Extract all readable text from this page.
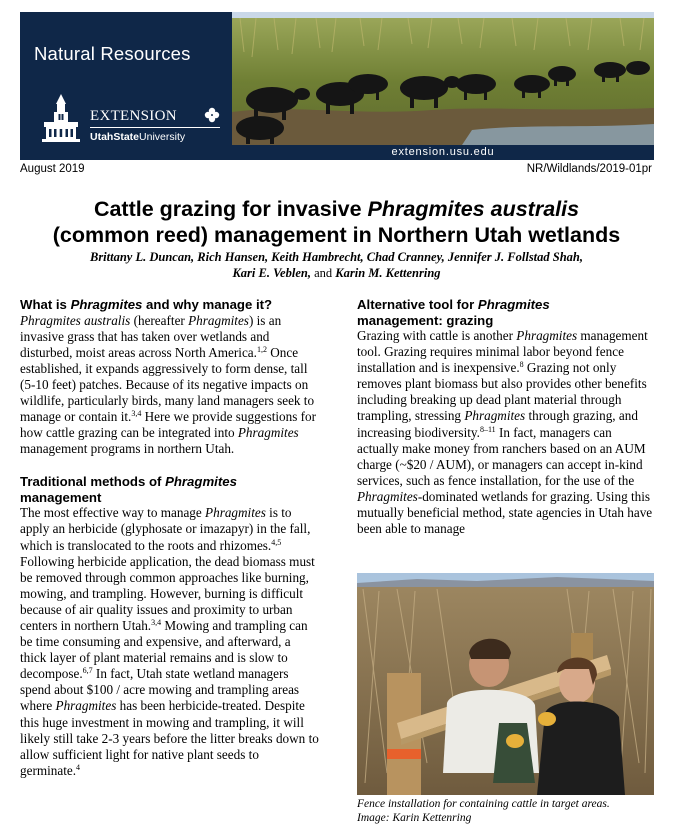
Natural Resources
EXTENSION
UtahStateUniversity
extension.usu.edu
August 2019	NR/Wildlands/2019-01pr
Cattle grazing for invasive Phragmites australis
(common reed) management in Northern Utah wetlands
Brittany L. Duncan, Rich Hansen, Keith Hambrecht, Chad Cranney, Jennifer J. Follstad Shah,
Kari E. Veblen, and Karin M. Kettenring

What is Phragmites and why manage it?

Phragmites australis (hereafter Phragmites) is an invasive grass that has taken over wetlands and disturbed, moist areas across North America.$^{1,2}$ Once established, it expands aggressively to form dense, tall (5-10 feet) patches. Because of its negative impacts on wildlife, particularly birds, many land managers seek to manage or contain it.$^{3,4}$ Here we provide suggestions for how cattle grazing can be integrated into Phragmites management programs in northern Utah.

Traditional methods of Phragmites
management

The most effective way to manage Phragmites is to apply an herbicide (glyphosate or imazapyr) in the fall, which is translocated to the roots and rhizomes.$^{4,5}$ Following herbicide application, the dead biomass must be removed through common approaches like burning, mowing, and trampling. However, burning is difficult because of air quality issues and proximity to urban centers in northern Utah.$^{3,4}$ Mowing and trampling can be time consuming and expensive, and afterward, a thick layer of plant material remains and is slow to decompose.$^{6,7}$ In fact, Utah state wetland managers spend about $100 / acre mowing and trampling areas where Phragmites has been herbicide-treated. Despite this huge investment in mowing and trampling, it will likely still take 2-3 years before the litter breaks down to allow sufficient light for native plant seeds to germinate.$^4$

Alternative tool for Phragmites
management: grazing

Grazing with cattle is another Phragmites management tool. Grazing requires minimal labor beyond fence installation and is inexpensive.$^8$ Grazing not only removes plant biomass but also provides other benefits including breaking up dead plant material through trampling, stressing Phragmites through grazing, and increasing biodiversity.$^{8-11}$ In fact, managers can actually make money from ranchers based on an AUM charge (~$20 / AUM), or managers can accept in-kind services, such as fence installation, for the use of the Phragmites-dominated wetlands for grazing. Using this mutually beneficial method, state agencies in Utah have been able to manage

Fence installation for containing cattle in target areas.
Image: Karin Kettenring
